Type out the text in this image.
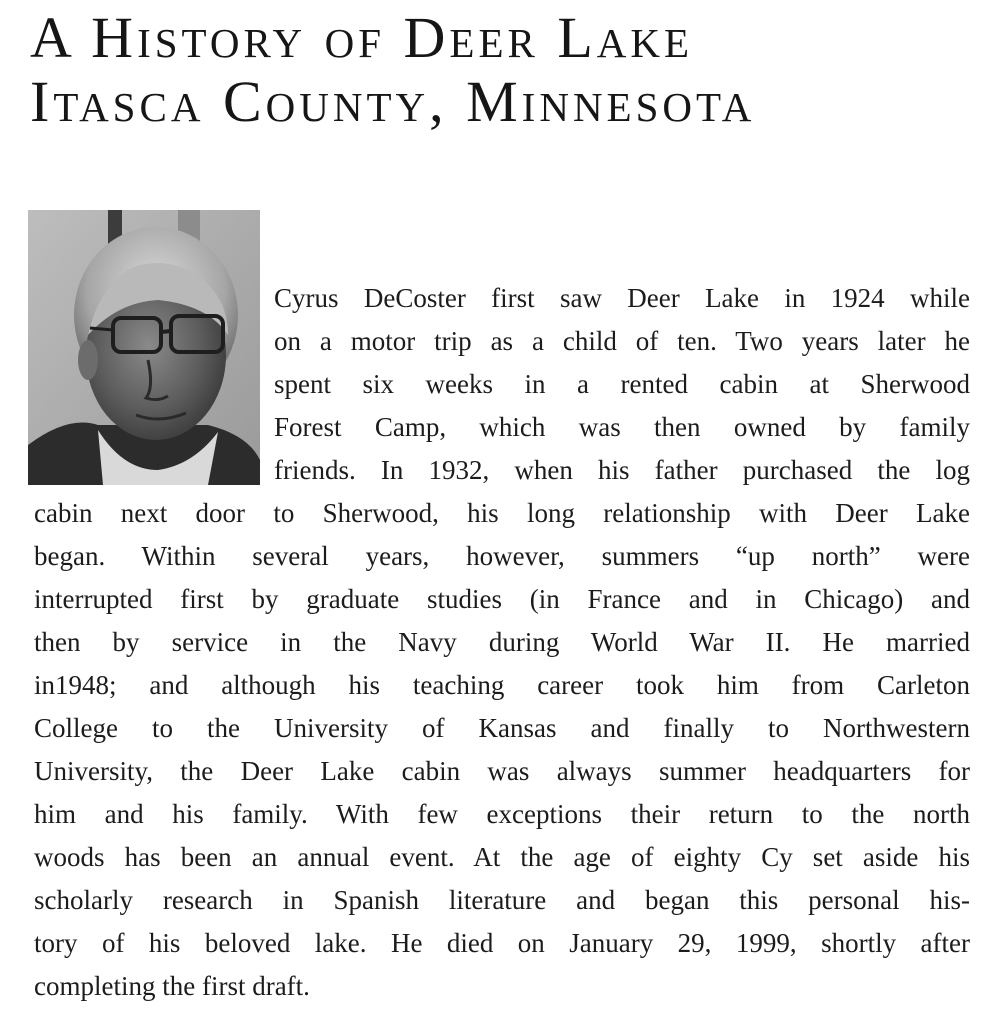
A History of Deer Lake
Itasca County, Minnesota

Cyrus DeCoster first saw Deer Lake in 1924 while
on a motor trip as a child of ten. Two years later he
spent six weeks in a rented cabin at Sherwood
Forest Camp, which was then owned by family
friends. In 1932, when his father purchased the log
cabin next door to Sherwood, his long relationship with Deer Lake
began. Within several years, however, summers “up north” were
interrupted first by graduate studies (in France and in Chicago) and
then by service in the Navy during World War II. He married
in1948; and although his teaching career took him from Carleton
College to the University of Kansas and finally to Northwestern
University, the Deer Lake cabin was always summer headquarters for
him and his family. With few exceptions their return to the north
woods has been an annual event. At the age of eighty Cy set aside his
scholarly research in Spanish literature and began this personal his-
tory of his beloved lake. He died on January 29, 1999, shortly after
completing the first draft.
